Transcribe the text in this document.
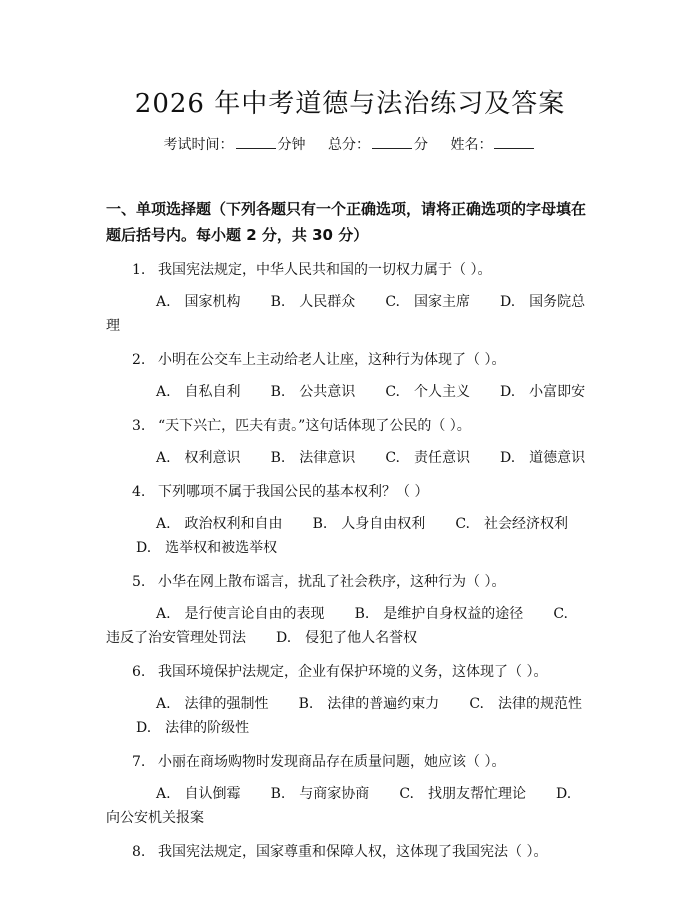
2026 年中考道德与法治练习及答案
考试时间：	分钟 总分：	分 姓名：
一、单项选择题（下列各题只有一个正确选项，请将正确选项的字母填在题后括号内。每小题 2 分，共 30 分）
1. 我国宪法规定，中华人民共和国的一切权力属于（ ）。
A.　国家机构 B.　人民群众 C.　国家主席 D.　国务院总理
2. 小明在公交车上主动给老人让座，这种行为体现了（ ）。
A.　自私自利 B.　公共意识 C.　个人主义 D.　小富即安
3. “天下兴亡，匹夫有责。”这句话体现了公民的（ ）。
A.　权利意识 B.　法律意识 C.　责任意识 D.　道德意识
4. 下列哪项不属于我国公民的基本权利？（ ）
A.　政治权利和自由 B.　人身自由权利 C.　社会经济权利D.　选举权和被选举权
5. 小华在网上散布谣言，扰乱了社会秩序，这种行为（ ）。
A.　是行使言论自由的表现 B.　是维护自身权益的途径 C.　违反了治安管理处罚法 D.　侵犯了他人名誉权
6. 我国环境保护法规定，企业有保护环境的义务，这体现了（ ）。
A.　法律的强制性 B.　法律的普遍约束力 C.　法律的规范性D.　法律的阶级性
7. 小丽在商场购物时发现商品存在质量问题，她应该（ ）。
A.　自认倒霉 B.　与商家协商 C.　找朋友帮忙理论 D.　向公安机关报案
8. 我国宪法规定，国家尊重和保障人权，这体现了我国宪法（ ）。
